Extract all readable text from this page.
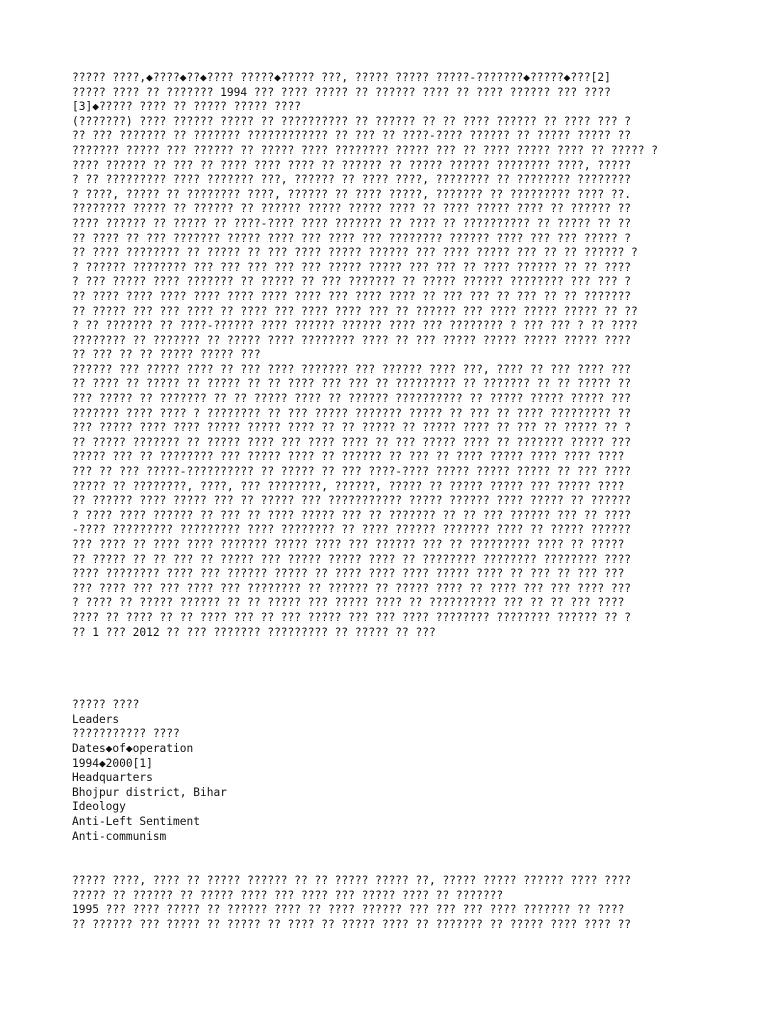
????? ????,◆????◆??◆???? ?????◆????? ???, ????? ????? ?????-???????◆?????◆???[2]
????? ???? ?? ??????? 1994 ??? ???? ????? ?? ?????? ???? ?? ???? ?????? ??? ????
[3]◆????? ???? ?? ????? ????? ????
(???????) ???? ?????? ????? ?? ?????????? ?? ?????? ?? ?? ???? ?????? ?? ???? ??? ?
?? ??? ??????? ?? ??????? ???????????? ?? ??? ?? ????-???? ?????? ?? ????? ????? ??
??????? ????? ??? ?????? ?? ????? ???? ???????? ????? ??? ?? ???? ????? ???? ?? ????? ?
???? ?????? ?? ??? ?? ???? ???? ???? ?? ?????? ?? ????? ?????? ???????? ????, ?????
? ?? ????????? ???? ??????? ???, ?????? ?? ???? ????, ???????? ?? ???????? ????????
? ????, ????? ?? ???????? ????, ?????? ?? ???? ?????, ??????? ?? ????????? ???? ??.
???????? ????? ?? ?????? ?? ?????? ????? ????? ???? ?? ???? ????? ???? ?? ?????? ??
???? ?????? ?? ????? ?? ????-???? ???? ??????? ?? ???? ?? ?????????? ?? ????? ?? ??
?? ???? ?? ??? ??????? ????? ???? ??? ???? ??? ???????? ?????? ???? ??? ??? ????? ?
?? ???? ???????? ?? ????? ?? ??? ???? ????? ?????? ??? ???? ????? ??? ?? ?? ?????? ?
? ?????? ???????? ??? ??? ??? ??? ??? ????? ????? ??? ??? ?? ???? ?????? ?? ?? ????
? ??? ????? ???? ??????? ?? ????? ?? ??? ??????? ?? ????? ?????? ???????? ??? ??? ?
?? ???? ???? ???? ???? ???? ???? ???? ??? ???? ???? ?? ??? ??? ?? ??? ?? ?? ???????
?? ????? ??? ??? ???? ?? ???? ??? ???? ???? ??? ?? ?????? ??? ???? ????? ????? ?? ??
? ?? ??????? ?? ????-?????? ???? ?????? ?????? ???? ??? ???????? ? ??? ??? ? ?? ????
???????? ?? ??????? ?? ????? ???? ???????? ???? ?? ??? ????? ????? ????? ????? ????
?? ??? ?? ?? ????? ????? ???
?????? ??? ????? ???? ?? ??? ???? ??????? ??? ?????? ???? ???, ???? ?? ??? ???? ???
?? ???? ?? ????? ?? ????? ?? ?? ???? ??? ??? ?? ????????? ?? ??????? ?? ?? ????? ??
??? ????? ?? ??????? ?? ?? ????? ???? ?? ?????? ?????????? ?? ????? ????? ????? ???
??????? ???? ???? ? ???????? ?? ??? ????? ??????? ????? ?? ??? ?? ???? ????????? ??
??? ????? ???? ???? ????? ????? ???? ?? ?? ????? ?? ????? ???? ?? ??? ?? ????? ?? ?
?? ????? ??????? ?? ????? ???? ??? ???? ???? ?? ??? ????? ???? ?? ??????? ????? ???
????? ??? ?? ???????? ??? ????? ???? ?? ?????? ?? ??? ?? ???? ????? ???? ???? ????
??? ?? ??? ?????-?????????? ?? ????? ?? ??? ????-???? ????? ????? ????? ?? ??? ????
????? ?? ????????, ????, ??? ????????, ??????, ????? ?? ????? ????? ??? ????? ????
?? ?????? ???? ????? ??? ?? ????? ??? ??????????? ????? ?????? ???? ????? ?? ??????
? ???? ???? ?????? ?? ??? ?? ???? ????? ??? ?? ??????? ?? ?? ??? ?????? ??? ?? ????
-???? ????????? ????????? ???? ???????? ?? ???? ?????? ??????? ???? ?? ????? ??????
??? ???? ?? ???? ???? ??????? ????? ???? ??? ?????? ??? ?? ????????? ???? ?? ?????
?? ????? ?? ?? ??? ?? ????? ??? ????? ????? ???? ?? ???????? ???????? ???????? ????
???? ???????? ???? ??? ?????? ????? ?? ???? ???? ???? ????? ???? ?? ??? ?? ??? ???
??? ???? ??? ??? ???? ??? ???????? ?? ?????? ?? ????? ???? ?? ???? ??? ??? ???? ???
? ???? ?? ????? ?????? ?? ?? ????? ??? ????? ???? ?? ?????????? ??? ?? ?? ??? ????
???? ?? ???? ?? ?? ???? ??? ?? ??? ????? ??? ??? ???? ???????? ???????? ?????? ?? ?
?? 1 ??? 2012 ?? ??? ??????? ????????? ?? ????? ?? ???
????? ????
Leaders
??????????? ????
Dates◆of◆operation
1994◆2000[1]
Headquarters
Bhojpur district, Bihar
Ideology
Anti-Left Sentiment
Anti-communism
????? ????, ???? ?? ????? ?????? ?? ?? ????? ????? ??, ????? ????? ?????? ???? ????
????? ?? ?????? ?? ????? ???? ??? ???? ??? ????? ???? ?? ???????
1995 ??? ???? ????? ?? ?????? ???? ?? ???? ?????? ??? ??? ??? ???? ??????? ?? ????
?? ?????? ??? ????? ?? ????? ?? ???? ?? ????? ???? ?? ??????? ?? ????? ???? ???? ??
